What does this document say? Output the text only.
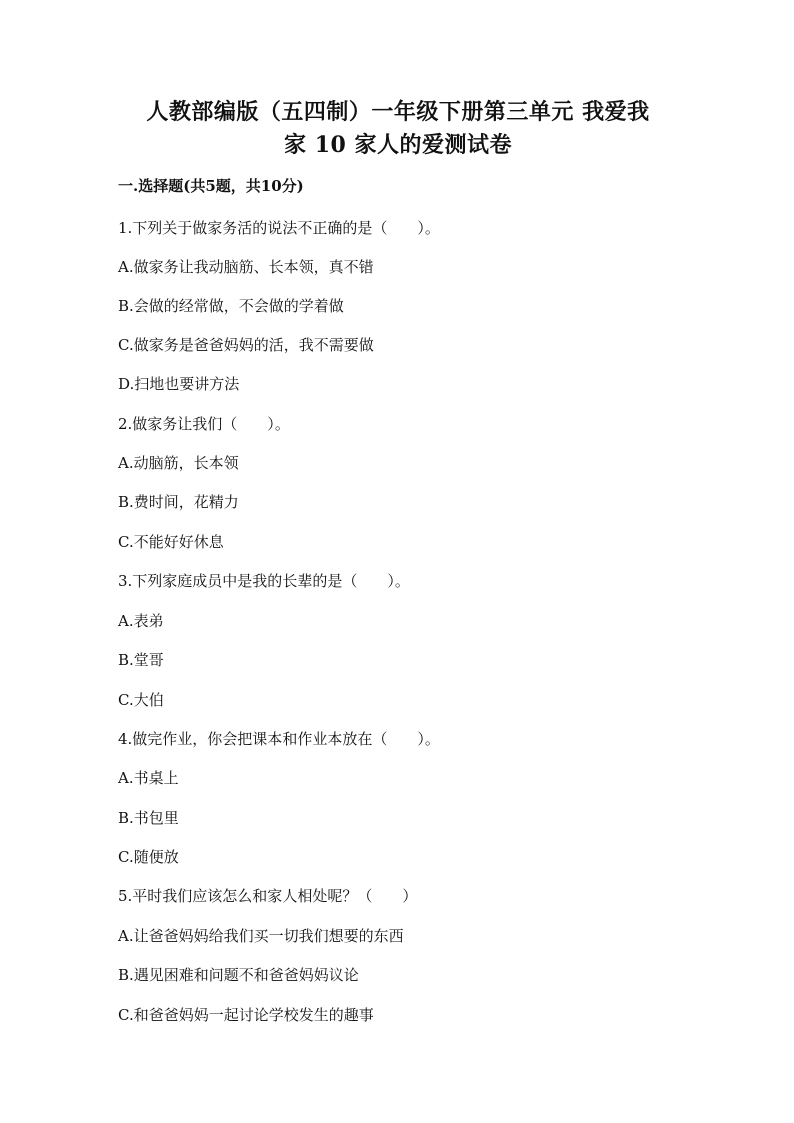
人教部编版（五四制）一年级下册第三单元 我爱我
家 10 家人的爱测试卷
一.选择题(共5题，共10分)
1.下列关于做家务活的说法不正确的是（　　）。
A.做家务让我动脑筋、长本领，真不错
B.会做的经常做，不会做的学着做
C.做家务是爸爸妈妈的活，我不需要做
D.扫地也要讲方法
2.做家务让我们（　　）。
A.动脑筋，长本领
B.费时间，花精力
C.不能好好休息
3.下列家庭成员中是我的长辈的是（　　）。
A.表弟
B.堂哥
C.大伯
4.做完作业，你会把课本和作业本放在（　　）。
A.书桌上
B.书包里
C.随便放
5.平时我们应该怎么和家人相处呢？（　　）
A.让爸爸妈妈给我们买一切我们想要的东西
B.遇见困难和问题不和爸爸妈妈议论
C.和爸爸妈妈一起讨论学校发生的趣事
